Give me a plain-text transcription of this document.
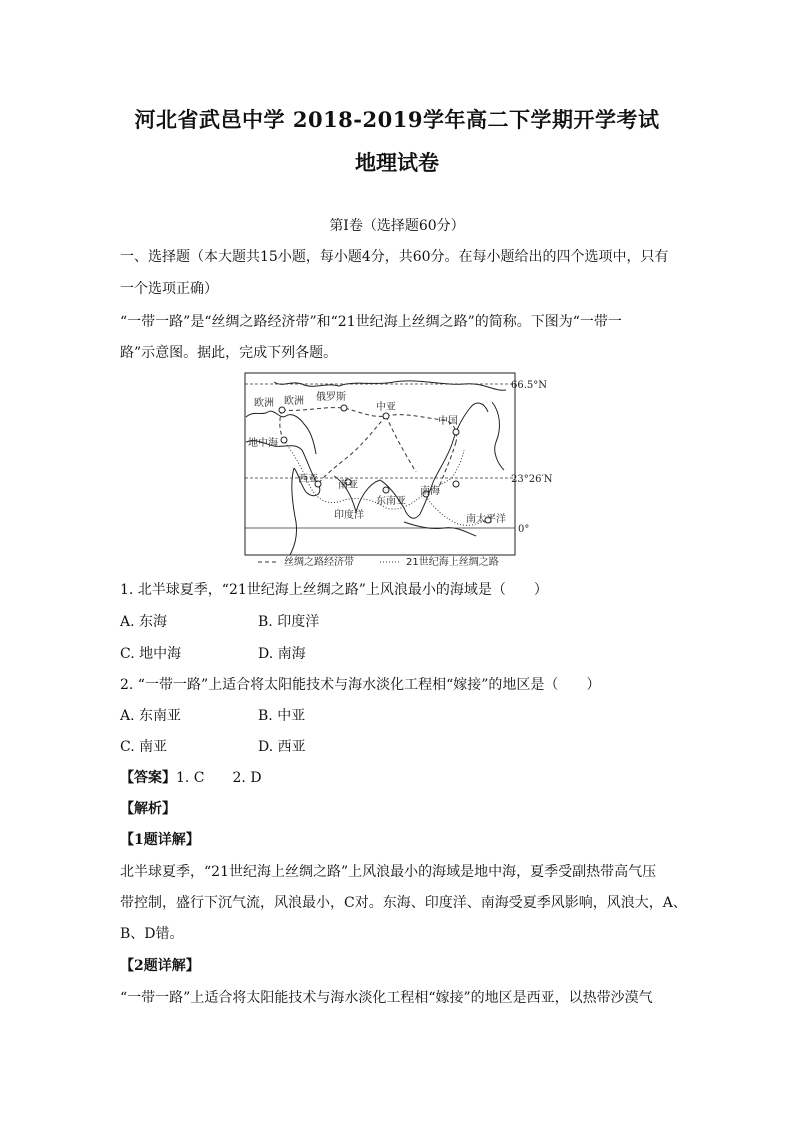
河北省武邑中学 2018-2019学年高二下学期开学考试
地理试卷
第Ⅰ卷（选择题60分）
一、选择题（本大题共15小题，每小题4分，共60分。在每小题给出的四个选项中，只有
一个选项正确）
“一带一路”是“丝绸之路经济带”和“21世纪海上丝绸之路”的简称。下图为“一带一
路”示意图。据此，完成下列各题。
欧洲 欧洲 俄罗斯
中亚
中国
地中海
西亚
南亚
东南亚
南海
印度洋	南太平洋
66.5°N
23°26′N
0°
丝绸之路经济带	21世纪海上丝绸之路
1. 北半球夏季，“21世纪海上丝绸之路”上风浪最小的海域是（　　）
A. 东海	B. 印度洋
C. 地中海	D. 南海
2. “一带一路”上适合将太阳能技术与海水淡化工程相“嫁接”的地区是（　　）
A. 东南亚	B. 中亚
C. 南亚	D. 西亚
【答案】1. C　　2. D
【解析】
【1题详解】
北半球夏季，“21世纪海上丝绸之路”上风浪最小的海域是地中海，夏季受副热带高气压
带控制，盛行下沉气流，风浪最小，C对。东海、印度洋、南海受夏季风影响，风浪大，A、
B、D错。
【2题详解】
“一带一路”上适合将太阳能技术与海水淡化工程相“嫁接”的地区是西亚，以热带沙漠气
